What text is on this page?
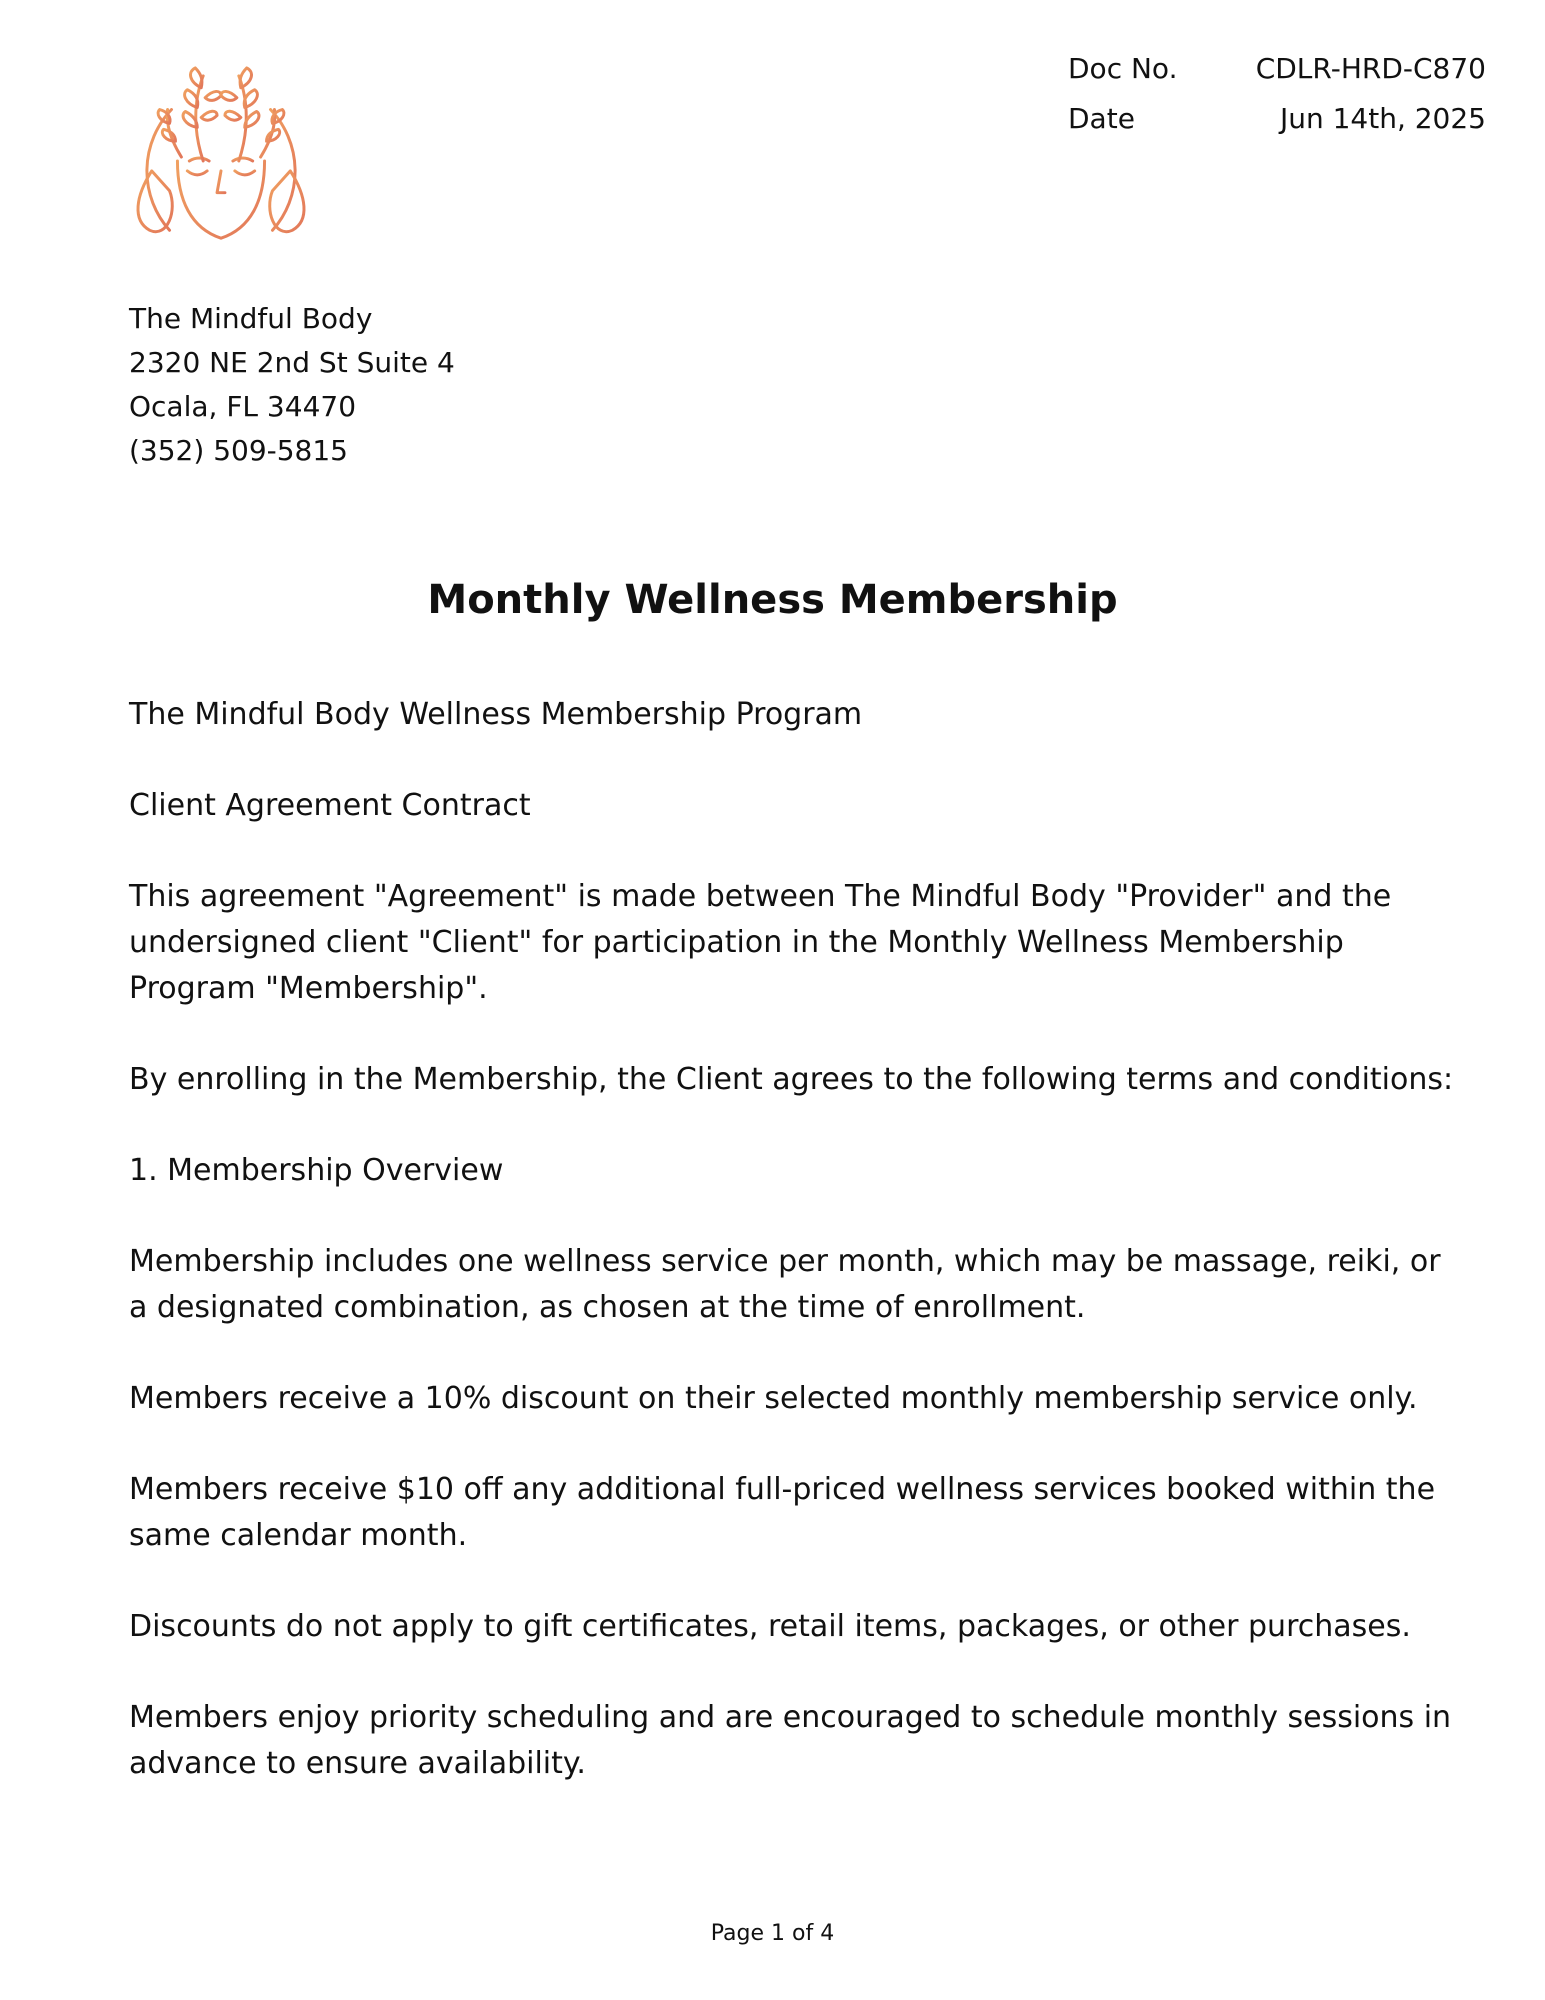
Doc No.	CDLR-HRD-C870
Date	Jun 14th, 2025
The Mindful Body
2320 NE 2nd St Suite 4
Ocala, FL 34470
(352) 509-5815
Monthly Wellness Membership

The Mindful Body Wellness Membership Program

Client Agreement Contract

This agreement "Agreement" is made between The Mindful Body "Provider" and the undersigned client "Client" for participation in the Monthly Wellness Membership Program "Membership".

By enrolling in the Membership, the Client agrees to the following terms and conditions:

1. Membership Overview

Membership includes one wellness service per month, which may be massage, reiki, or a designated combination, as chosen at the time of enrollment.

Members receive a 10% discount on their selected monthly membership service only.

Members receive $10 off any additional full-priced wellness services booked within the same calendar month.

Discounts do not apply to gift certificates, retail items, packages, or other purchases.

Members enjoy priority scheduling and are encouraged to schedule monthly sessions in advance to ensure availability.

Page 1 of 4
